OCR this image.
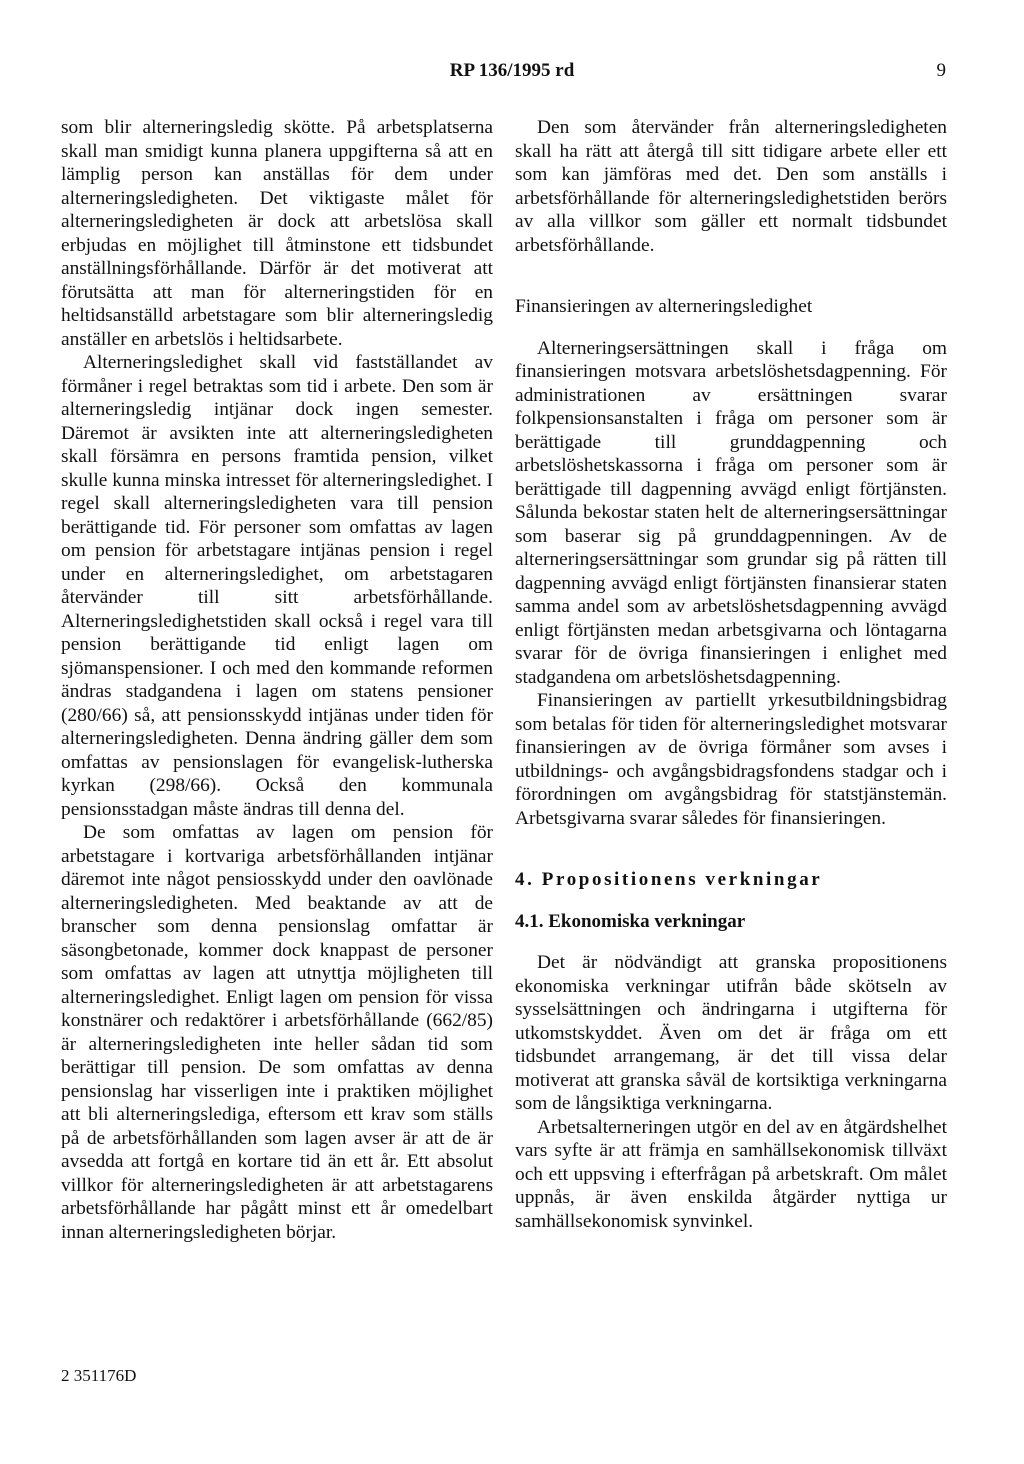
RP 136/1995 rd	9

som blir alterneringsledig skötte. På arbetsplatserna skall man smidigt kunna planera uppgifterna så att en lämplig person kan anställas för dem under alterneringsledigheten. Det viktigaste målet för alterneringsledigheten är dock att arbetslösa skall erbjudas en möjlighet till åtminstone ett tidsbundet anställningsförhållande. Därför är det motiverat att förutsätta att man för alterneringstiden för en heltidsanställd arbetstagare som blir alterneringsledig anställer en arbetslös i heltidsarbete.

Alterneringsledighet skall vid fastställandet av förmåner i regel betraktas som tid i arbete. Den som är alterneringsledig intjänar dock ingen semester. Däremot är avsikten inte att alterneringsledigheten skall försämra en persons framtida pension, vilket skulle kunna minska intresset för alterneringsledighet. I regel skall alterneringsledigheten vara till pension berättigande tid. För personer som omfattas av lagen om pension för arbetstagare intjänas pension i regel under en alterneringsledighet, om arbetstagaren återvänder till sitt arbetsförhållande. Alterneringsledighetstiden skall också i regel vara till pension berättigande tid enligt lagen om sjömanspensioner. I och med den kommande reformen ändras stadgandena i lagen om statens pensioner (280/66) så, att pensionsskydd intjänas under tiden för alterneringsledigheten. Denna ändring gäller dem som omfattas av pensionslagen för evangelisk-lutherska kyrkan (298/66). Också den kommunala pensionsstadgan måste ändras till denna del.

De som omfattas av lagen om pension för arbetstagare i kortvariga arbetsförhållanden intjänar däremot inte något pensiosskydd under den oavlönade alterneringsledigheten. Med beaktande av att de branscher som denna pensionslag omfattar är säsongbetonade, kommer dock knappast de personer som omfattas av lagen att utnyttja möjligheten till alterneringsledighet. Enligt lagen om pension för vissa konstnärer och redaktörer i arbetsförhållande (662/85) är alterneringsledigheten inte heller sådan tid som berättigar till pension. De som omfattas av denna pensionslag har visserligen inte i praktiken möjlighet att bli alterneringslediga, eftersom ett krav som ställs på de arbetsförhållanden som lagen avser är att de är avsedda att fortgå en kortare tid än ett år. Ett absolut villkor för alterneringsledigheten är att arbetstagarens arbetsförhållande har pågått minst ett år omedelbart innan alterneringsledigheten börjar.

Den som återvänder från alterneringsledigheten skall ha rätt att återgå till sitt tidigare arbete eller ett som kan jämföras med det. Den som anställs i arbetsförhållande för alterneringsledighetstiden berörs av alla villkor som gäller ett normalt tidsbundet arbetsförhållande.

Finansieringen av alterneringsledighet

Alterneringsersättningen skall i fråga om finansieringen motsvara arbetslöshetsdagpenning. För administrationen av ersättningen svarar folkpensionsanstalten i fråga om personer som är berättigade till grunddagpenning och arbetslöshetskassorna i fråga om personer som är berättigade till dagpenning avvägd enligt förtjänsten. Sålunda bekostar staten helt de alterneringsersättningar som baserar sig på grunddagpenningen. Av de alterneringsersättningar som grundar sig på rätten till dagpenning avvägd enligt förtjänsten finansierar staten samma andel som av arbetslöshetsdagpenning avvägd enligt förtjänsten medan arbetsgivarna och löntagarna svarar för de övriga finansieringen i enlighet med stadgandena om arbetslöshetsdagpenning.

Finansieringen av partiellt yrkesutbildningsbidrag som betalas för tiden för alterneringsledighet motsvarar finansieringen av de övriga förmåner som avses i utbildnings- och avgångsbidragsfondens stadgar och i förordningen om avgångsbidrag för statstjänstemän. Arbetsgivarna svarar således för finansieringen.

4. Propositionens verkningar

4.1. Ekonomiska verkningar

Det är nödvändigt att granska propositionens ekonomiska verkningar utifrån både skötseln av sysselsättningen och ändringarna i utgifterna för utkomstskyddet. Även om det är fråga om ett tidsbundet arrangemang, är det till vissa delar motiverat att granska såväl de kortsiktiga verkningarna som de långsiktiga verkningarna.

Arbetsalterneringen utgör en del av en åtgärdshelhet vars syfte är att främja en samhällsekonomisk tillväxt och ett uppsving i efterfrågan på arbetskraft. Om målet uppnås, är även enskilda åtgärder nyttiga ur samhällsekonomisk synvinkel.

2 351176D
